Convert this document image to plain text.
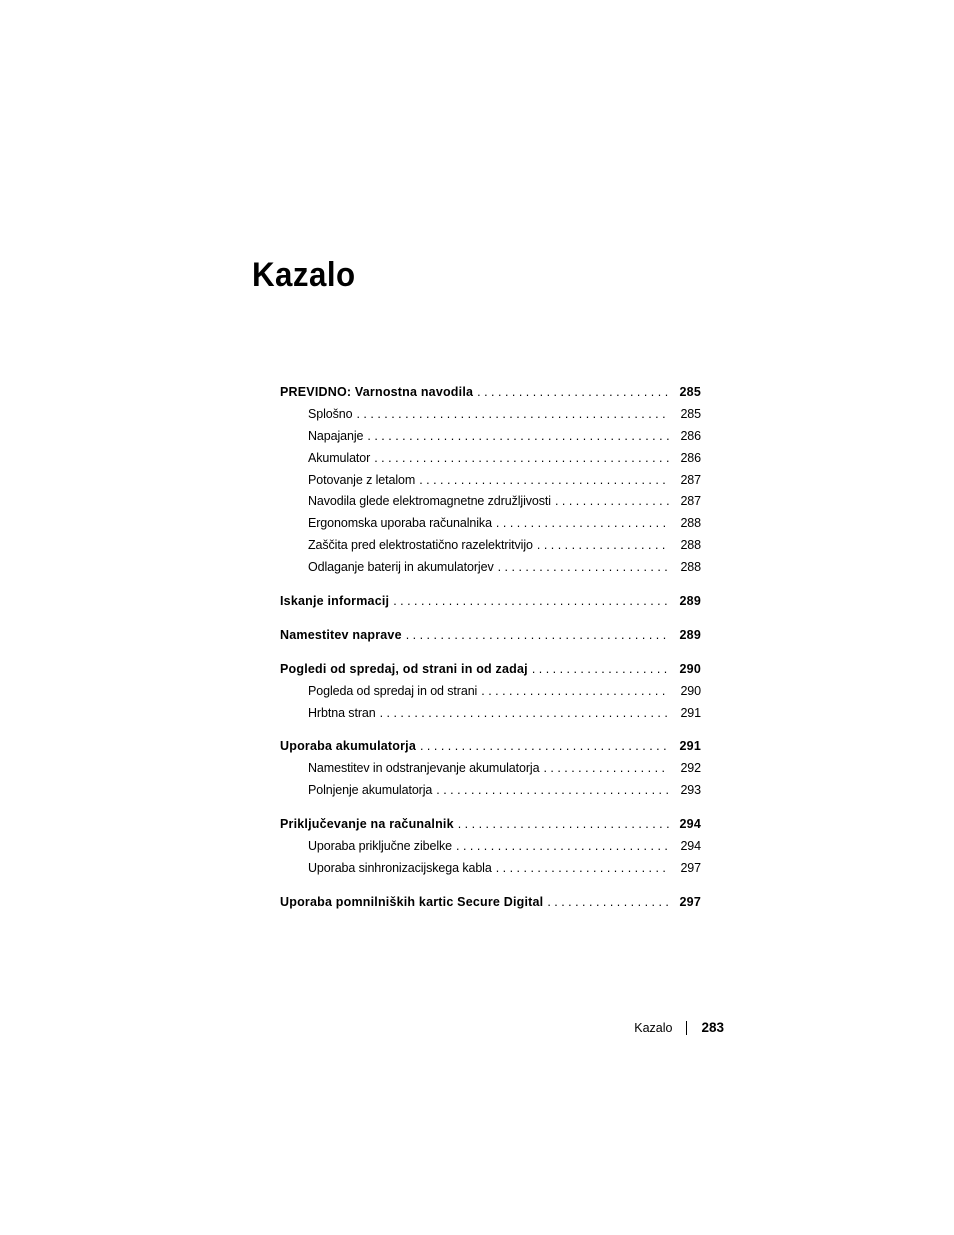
Kazalo
PREVIDNO: Varnostna navodila . . .	285
Splošno . . .	285
Napajanje . . .	286
Akumulator . . .	286
Potovanje z letalom . . .	287
Navodila glede elektromagnetne združljivosti . . .	287
Ergonomska uporaba računalnika . . .	288
Zaščita pred elektrostatično razelektritvijo . . .	288
Odlaganje baterij in akumulatorjev . . .	288
Iskanje informacij . . .	289
Namestitev naprave . . .	289
Pogledi od spredaj, od strani in od zadaj . . .	290
Pogleda od spredaj in od strani . . .	290
Hrbtna stran . . .	291
Uporaba akumulatorja . . .	291
Namestitev in odstranjevanje akumulatorja . . .	292
Polnjenje akumulatorja . . .	293
Priključevanje na računalnik . . .	294
Uporaba priključne zibelke . . .	294
Uporaba sinhronizacijskega kabla . . .	297
Uporaba pomnilniških kartic Secure Digital . . .	297
Kazalo 283
